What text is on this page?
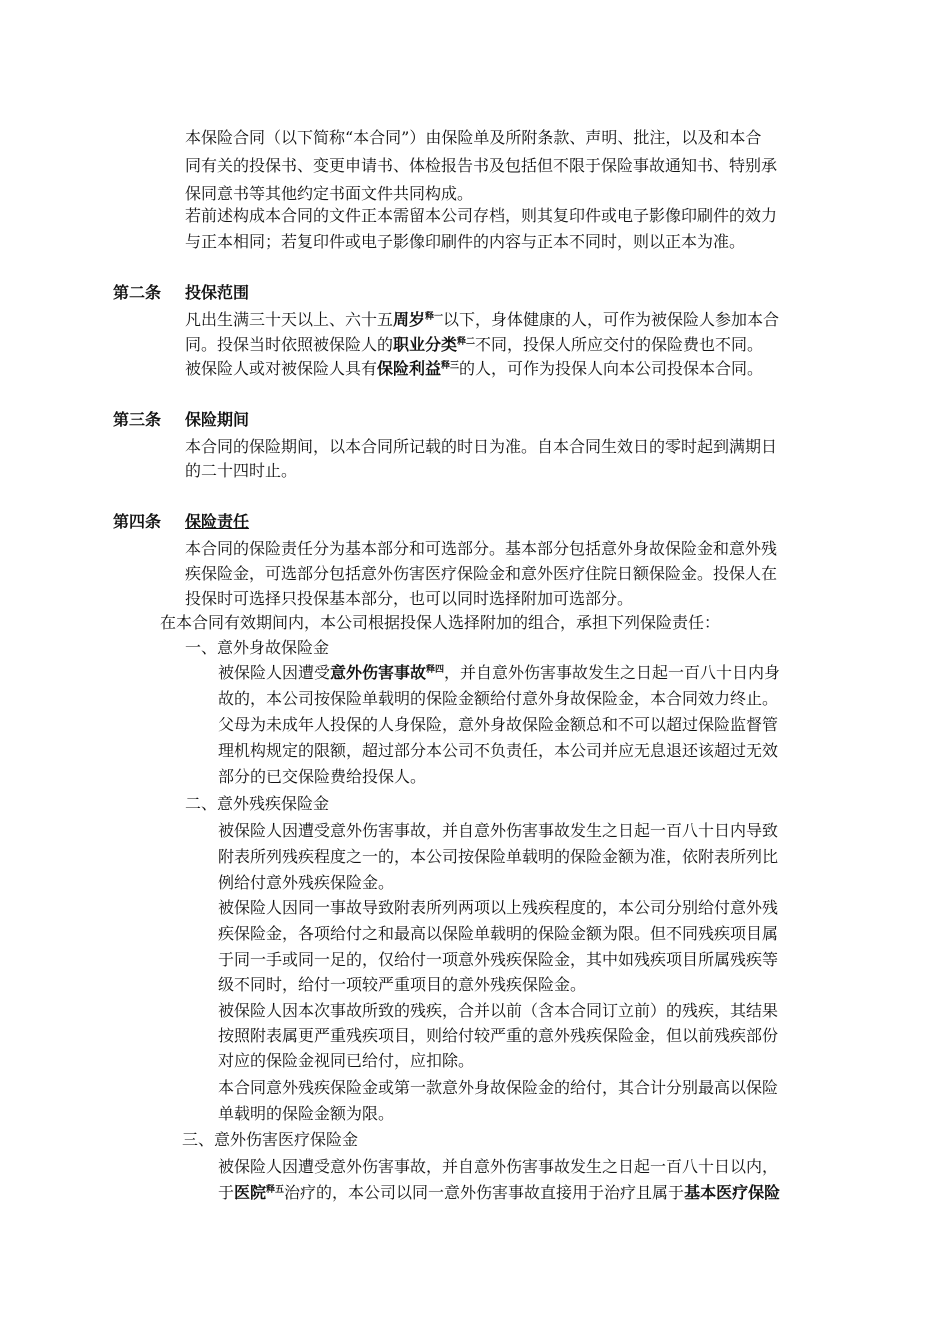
本保险合同（以下简称“本合同”）由保险单及所附条款、声明、批注，以及和本合
同有关的投保书、变更申请书、体检报告书及包括但不限于保险事故通知书、特别承
保同意书等其他约定书面文件共同构成。
若前述构成本合同的文件正本需留本公司存档，则其复印件或电子影像印刷件的效力
与正本相同；若复印件或电子影像印刷件的内容与正本不同时，则以正本为准。
第二条 投保范围
凡出生满三十天以上、六十五周岁$^{释一}$以下，身体健康的人，可作为被保险人参加本合
同。投保当时依照被保险人的职业分类$^{释二}$不同，投保人所应交付的保险费也不同。
被保险人或对被保险人具有保险利益$^{释三}$的人，可作为投保人向本公司投保本合同。
第三条 保险期间
本合同的保险期间，以本合同所记载的时日为准。自本合同生效日的零时起到满期日
的二十四时止。
第四条 保险责任
本合同的保险责任分为基本部分和可选部分。基本部分包括意外身故保险金和意外残
疾保险金，可选部分包括意外伤害医疗保险金和意外医疗住院日额保险金。投保人在
投保时可选择只投保基本部分，也可以同时选择附加可选部分。
在本合同有效期间内，本公司根据投保人选择附加的组合，承担下列保险责任：
一、意外身故保险金
被保险人因遭受意外伤害事故$^{释四}$，并自意外伤害事故发生之日起一百八十日内身
故的，本公司按保险单载明的保险金额给付意外身故保险金，本合同效力终止。
父母为未成年人投保的人身保险，意外身故保险金额总和不可以超过保险监督管
理机构规定的限额，超过部分本公司不负责任，本公司并应无息退还该超过无效
部分的已交保险费给投保人。
二、意外残疾保险金
被保险人因遭受意外伤害事故，并自意外伤害事故发生之日起一百八十日内导致
附表所列残疾程度之一的，本公司按保险单载明的保险金额为准，依附表所列比
例给付意外残疾保险金。
被保险人因同一事故导致附表所列两项以上残疾程度的，本公司分别给付意外残
疾保险金，各项给付之和最高以保险单载明的保险金额为限。但不同残疾项目属
于同一手或同一足的，仅给付一项意外残疾保险金，其中如残疾项目所属残疾等
级不同时，给付一项较严重项目的意外残疾保险金。
被保险人因本次事故所致的残疾，合并以前（含本合同订立前）的残疾，其结果
按照附表属更严重残疾项目，则给付较严重的意外残疾保险金，但以前残疾部份
对应的保险金视同已给付，应扣除。
本合同意外残疾保险金或第一款意外身故保险金的给付，其合计分别最高以保险
单载明的保险金额为限。
三、意外伤害医疗保险金
被保险人因遭受意外伤害事故，并自意外伤害事故发生之日起一百八十日以内，
于医院$^{释五}$治疗的，本公司以同一意外伤害事故直接用于治疗且属于基本医疗保险
